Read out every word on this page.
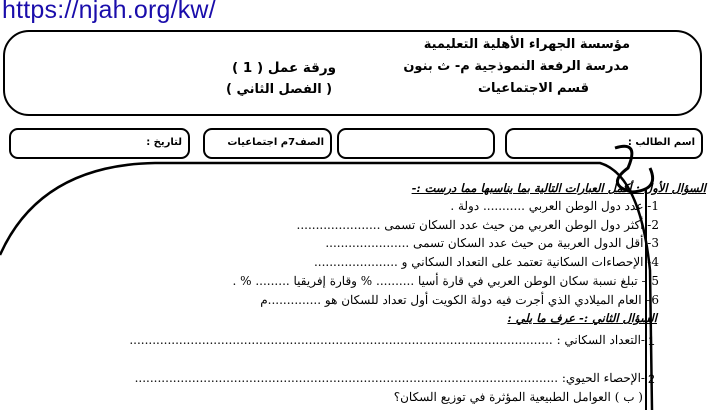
https://njah.org/kw/
مؤسسة الجهراء الأهلية التعليمية
مدرسة الرفعة النموذجية م- ث بنون
قسم الاجتماعيات
ورقة عمل ( 1 )
( الفصل الثاني )
لتاريخ :	الصف7م اجتماعيات	اسم الطالب :
السؤال الأول : أكمل العبارات التالية بما يناسبها مما درست :-
1- عدد دول الوطن العربي ........... دولة .
2- أكثر دول الوطن العربي من حيث عدد السكان تسمى ......................
3- أقل الدول العربية من حيث عدد السكان تسمى ......................
4- الإحصاءات السكانية تعتمد على التعداد السكاني و ......................
5 – تبلغ نسبة سكان الوطن العربي في قارة أسيا .......... % وقارة إفريقيا ......... % .
6– العام الميلادي الذي أجرت فيه دولة الكويت أول تعداد للسكان هو ..............م
السؤال الثاني :- عرف ما يلي :
1
-التعداد السكاني : ...............................................................................................................
2
-الإحصاء الحيوي: ...............................................................................................................
( ب ) العوامل الطبيعية المؤثرة في توزيع السكان؟
